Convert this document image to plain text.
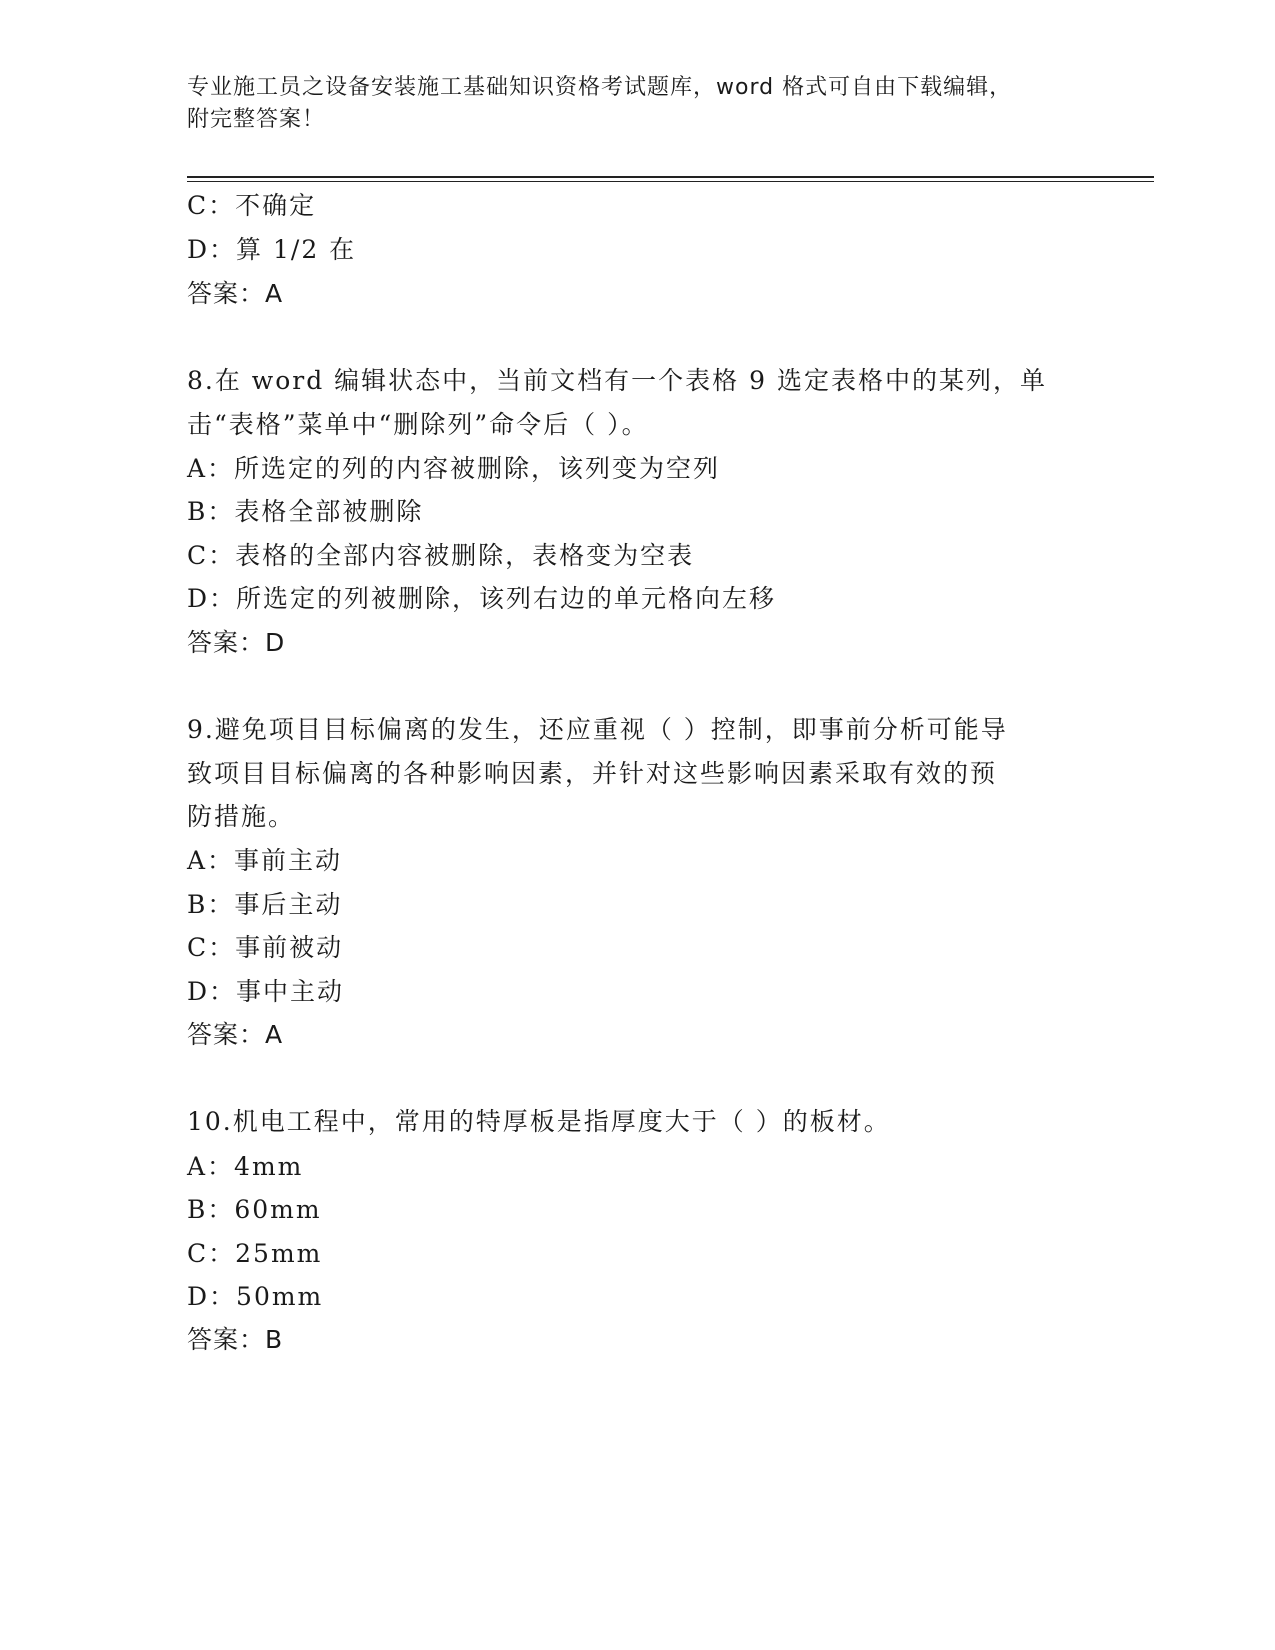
专业施工员之设备安装施工基础知识资格考试题库，word 格式可自由下载编辑，
附完整答案！
C：不确定
D：算 1/2 在
答案：A
8.在 word 编辑状态中，当前文档有一个表格 9 选定表格中的某列，单
击“表格”菜单中“删除列”命令后（ ）。
A：所选定的列的内容被删除，该列变为空列
B：表格全部被删除
C：表格的全部内容被删除，表格变为空表
D：所选定的列被删除，该列右边的单元格向左移
答案：D
9.避免项目目标偏离的发生，还应重视（ ）控制，即事前分析可能导
致项目目标偏离的各种影响因素，并针对这些影响因素采取有效的预
防措施。
A：事前主动
B：事后主动
C：事前被动
D：事中主动
答案：A
10.机电工程中，常用的特厚板是指厚度大于（ ）的板材。
A：4mm
B：60mm
C：25mm
D：50mm
答案：B
